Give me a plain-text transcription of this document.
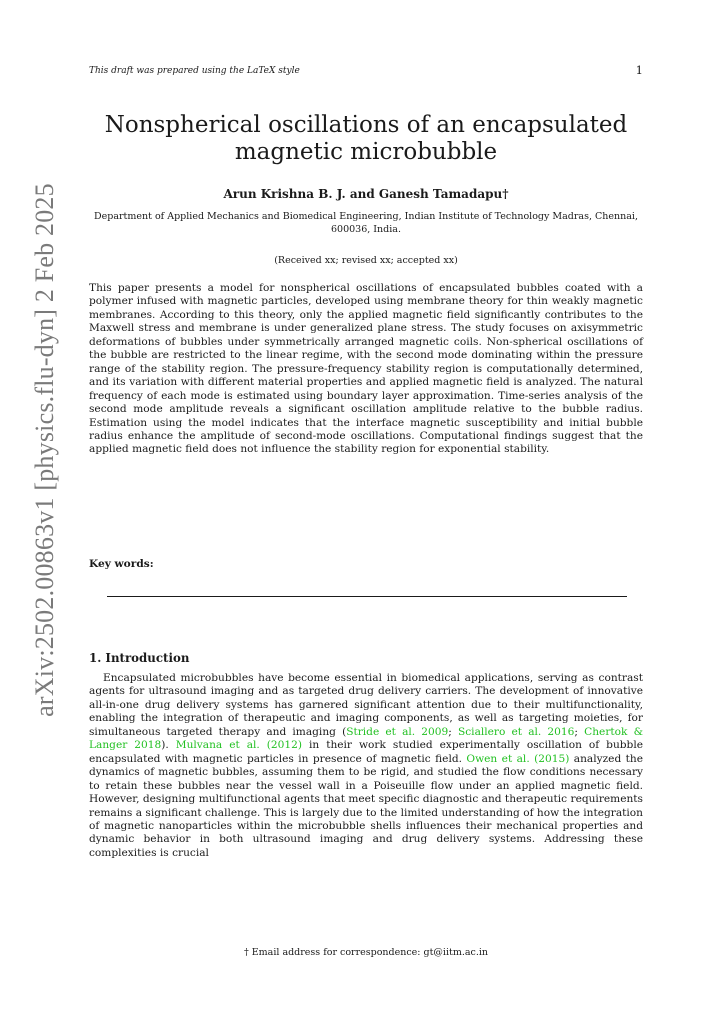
This draft was prepared using the LaTeX style	1
arXiv:2502.00863v1 [physics.flu-dyn] 2 Feb 2025
Nonspherical oscillations of an encapsulated magnetic microbubble

Arun Krishna B. J. and Ganesh Tamadapu†

Department of Applied Mechanics and Biomedical Engineering, Indian Institute of Technology Madras, Chennai, 600036, India.

(Received xx; revised xx; accepted xx)

This paper presents a model for nonspherical oscillations of encapsulated bubbles coated with a polymer infused with magnetic particles, developed using membrane theory for thin weakly magnetic membranes. According to this theory, only the applied magnetic field significantly contributes to the Maxwell stress and membrane is under generalized plane stress. The study focuses on axisymmetric deformations of bubbles under symmetrically arranged magnetic coils. Non-spherical oscillations of the bubble are restricted to the linear regime, with the second mode dominating within the pressure range of the stability region. The pressure-frequency stability region is computationally determined, and its variation with different material properties and applied magnetic field is analyzed. The natural frequency of each mode is estimated using boundary layer approximation. Time-series analysis of the second mode amplitude reveals a significant oscillation amplitude relative to the bubble radius. Estimation using the model indicates that the interface magnetic susceptibility and initial bubble radius enhance the amplitude of second-mode oscillations. Computational findings suggest that the applied magnetic field does not influence the stability region for exponential stability.

Key words:

1. Introduction

Encapsulated microbubbles have become essential in biomedical applications, serving as contrast agents for ultrasound imaging and as targeted drug delivery carriers. The development of innovative all-in-one drug delivery systems has garnered significant attention due to their multifunctionality, enabling the integration of therapeutic and imaging components, as well as targeting moieties, for simultaneous targeted therapy and imaging (Stride et al. 2009; Sciallero et al. 2016; Chertok & Langer 2018). Mulvana et al. (2012) in their work studied experimentally oscillation of bubble encapsulated with magnetic particles in presence of magnetic field. Owen et al. (2015) analyzed the dynamics of magnetic bubbles, assuming them to be rigid, and studied the flow conditions necessary to retain these bubbles near the vessel wall in a Poiseuille flow under an applied magnetic field. However, designing multifunctional agents that meet specific diagnostic and therapeutic requirements remains a significant challenge. This is largely due to the limited understanding of how the integration of magnetic nanoparticles within the microbubble shells influences their mechanical properties and dynamic behavior in both ultrasound imaging and drug delivery systems. Addressing these complexities is crucial

† Email address for correspondence: gt@iitm.ac.in
